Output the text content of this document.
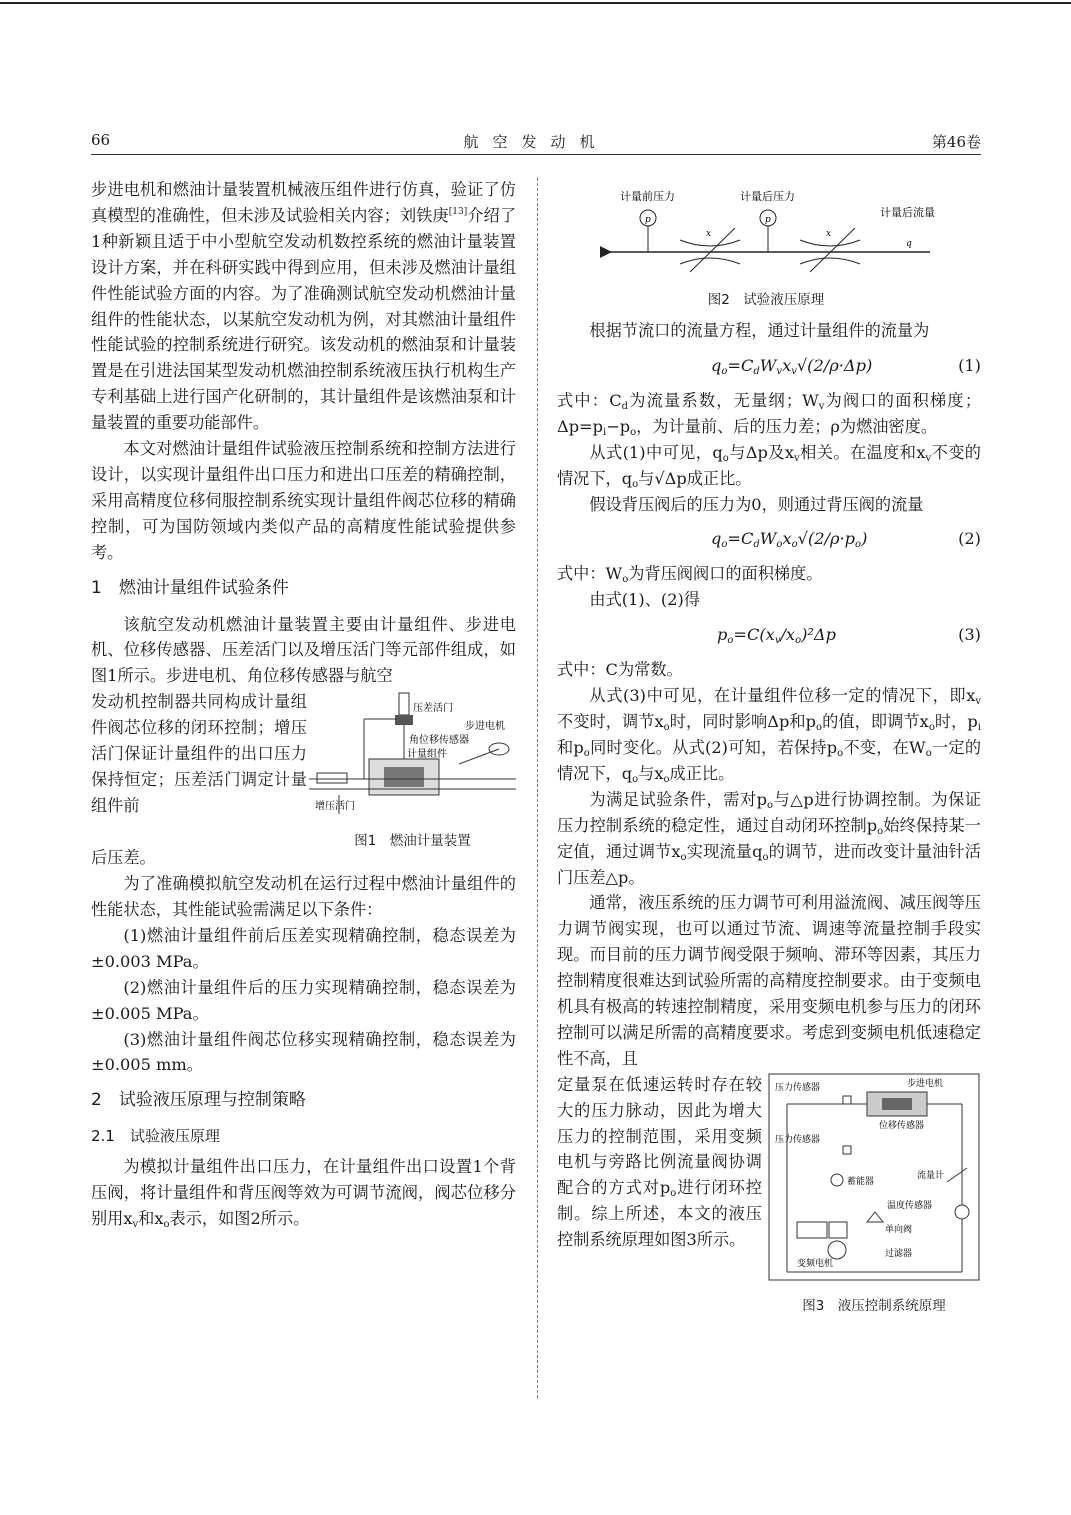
66	航空发动机	第46卷

步进电机和燃油计量装置机械液压组件进行仿真，验证了仿真模型的准确性，但未涉及试验相关内容；刘铁庚[13]介绍了1种新颖且适于中小型航空发动机数控系统的燃油计量装置设计方案，并在科研实践中得到应用，但未涉及燃油计量组件性能试验方面的内容。为了准确测试航空发动机燃油计量组件的性能状态，以某航空发动机为例，对其燃油计量组件性能试验的控制系统进行研究。该发动机的燃油泵和计量装置是在引进法国某型发动机燃油控制系统液压执行机构生产专利基础上进行国产化研制的，其计量组件是该燃油泵和计量装置的重要功能部件。

本文对燃油计量组件试验液压控制系统和控制方法进行设计，以实现计量组件出口压力和进出口压差的精确控制，采用高精度位移伺服控制系统实现计量组件阀芯位移的精确控制，可为国防领域内类似产品的高精度性能试验提供参考。

1　燃油计量组件试验条件

该航空发动机燃油计量装置主要由计量组件、步进电机、位移传感器、压差活门以及增压活门等元部件组成，如图1所示。步进电机、角位移传感器与航空

发动机控制器共同构成计量组件阀芯位移的闭环控制；增压活门保证计量组件的出口压力保持恒定；压差活门调定计量组件前
压差活门
步进电机
角位移传感器
计量组件
增压活门
图1　燃油计量装置

后压差。

为了准确模拟航空发动机在运行过程中燃油计量组件的性能状态，其性能试验需满足以下条件：

(1)燃油计量组件前后压差实现精确控制，稳态误差为±0.003 MPa。

(2)燃油计量组件后的压力实现精确控制，稳态误差为±0.005 MPa。

(3)燃油计量组件阀芯位移实现精确控制，稳态误差为±0.005 mm。

2　试验液压原理与控制策略
2.1　试验液压原理

为模拟计量组件出口压力，在计量组件出口设置1个背压阀，将计量组件和背压阀等效为可调节流阀，阀芯位移分别用$x_v$和$x_o$表示，如图2所示。

计量前压力	计量后压力
计量后流量
p	p
x	x
q
图2　试验液压原理

根据节流口的流量方程，通过计量组件的流量为

$q_o=C_dW_vx_v√(2/\rho\cdot\Delta p)$	(1)

式中：$C_d$为流量系数，无量纲；$W_v$为阀口的面积梯度；$\Delta p=p_i-p_o$，为计量前、后的压力差；ρ为燃油密度。

从式(1)中可见，$q_o$与Δp及$x_v$相关。在温度和$x_v$不变的情况下，$q_o$与√Δp成正比。

假设背压阀后的压力为0，则通过背压阀的流量

$q_o=C_dW_ox_o√(2/\rho\cdot p_o)$	(2)

式中：$W_o$为背压阀阀口的面积梯度。

由式(1)、(2)得

$p_o=C(x_v/x_o)^2\Delta p$	(3)

式中：C为常数。

从式(3)中可见，在计量组件位移一定的情况下，即$x_v$不变时，调节$x_o$时，同时影响Δp和$p_o$的值，即调节$x_o$时，$p_i$和$p_o$同时变化。从式(2)可知，若保持$p_o$不变，在$W_o$一定的情况下，$q_o$与$x_o$成正比。

为满足试验条件，需对$p_o$与△p进行协调控制。为保证压力控制系统的稳定性，通过自动闭环控制$p_o$始终保持某一定值，通过调节$x_o$实现流量$q_o$的调节，进而改变计量油针活门压差△p。

通常，液压系统的压力调节可利用溢流阀、减压阀等压力调节阀实现，也可以通过节流、调速等流量控制手段实现。而目前的压力调节阀受限于频响、滞环等因素，其压力控制精度很难达到试验所需的高精度控制要求。由于变频电机具有极高的转速控制精度，采用变频电机参与压力的闭环控制可以满足所需的高精度要求。考虑到变频电机低速稳定性不高，且

定量泵在低速运转时存在较大的压力脉动，因此为增大压力的控制范围，采用变频电机与旁路比例流量阀协调配合的方式对$p_o$进行闭环控制。综上所述，本文的液压控制系统原理如图3所示。
压力传感器	步进电机
位移传感器
压力传感器
流量计
温度传感器
蓄能器
单向阀
过滤器
变频电机
图3　液压控制系统原理
